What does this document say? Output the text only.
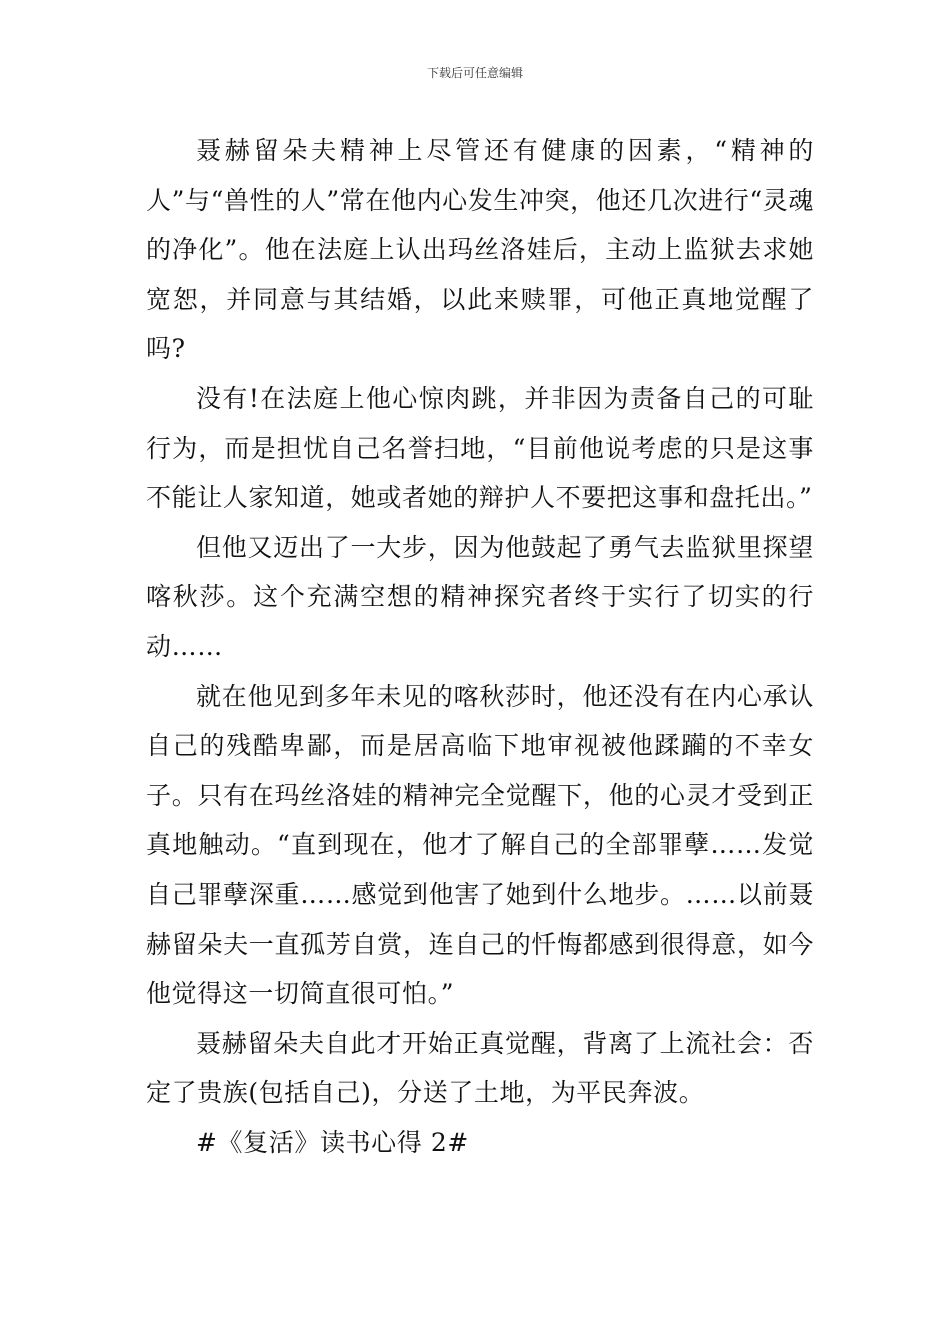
下载后可任意编辑

聂赫留朵夫精神上尽管还有健康的因素，“精神的人”与“兽性的人”常在他内心发生冲突，他还几次进行“灵魂的净化”。他在法庭上认出玛丝洛娃后，主动上监狱去求她宽恕，并同意与其结婚，以此来赎罪，可他正真地觉醒了吗?

没有!在法庭上他心惊肉跳，并非因为责备自己的可耻行为，而是担忧自己名誉扫地，“目前他说考虑的只是这事不能让人家知道，她或者她的辩护人不要把这事和盘托出。”

但他又迈出了一大步，因为他鼓起了勇气去监狱里探望喀秋莎。这个充满空想的精神探究者终于实行了切实的行动……

就在他见到多年未见的喀秋莎时，他还没有在内心承认自己的残酷卑鄙，而是居高临下地审视被他蹂躏的不幸女子。只有在玛丝洛娃的精神完全觉醒下，他的心灵才受到正真地触动。“直到现在，他才了解自己的全部罪孽……发觉自己罪孽深重……感觉到他害了她到什么地步。……以前聂赫留朵夫一直孤芳自赏，连自己的忏悔都感到很得意，如今他觉得这一切简直很可怕。”

聂赫留朵夫自此才开始正真觉醒，背离了上流社会：否定了贵族(包括自己)，分送了土地，为平民奔波。

#《复活》读书心得 2#
